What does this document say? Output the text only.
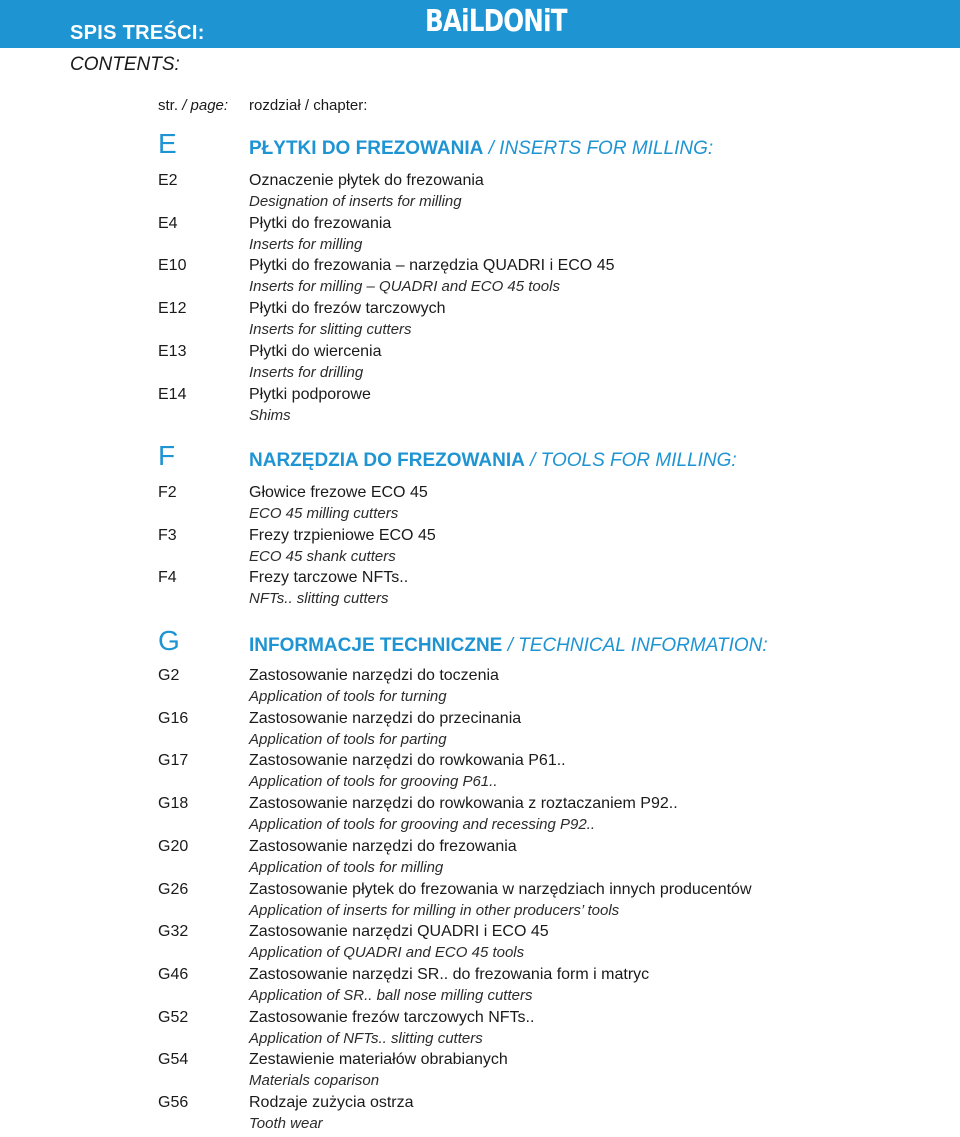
SPIS TREŚCI:	BAiLDONiT
CONTENTS:
str. / page: rozdział / chapter:
E	PŁYTKI DO FREZOWANIA / INSERTS FOR MILLING:
E2	Oznaczenie płytek do frezowania
Designation of inserts for milling
E4	Płytki do frezowania
Inserts for milling
E10	Płytki do frezowania – narzędzia QUADRI i ECO 45
Inserts for milling – QUADRI and ECO 45 tools
E12	Płytki do frezów tarczowych
Inserts for slitting cutters
E13	Płytki do wiercenia
Inserts for drilling
E14	Płytki podporowe
Shims
F	NARZĘDZIA DO FREZOWANIA / TOOLS FOR MILLING:
F2	Głowice frezowe ECO 45
ECO 45 milling cutters
F3	Frezy trzpieniowe ECO 45
ECO 45 shank cutters
F4	Frezy tarczowe NFTs..
NFTs.. slitting cutters
G	INFORMACJE TECHNICZNE / TECHNICAL INFORMATION:
G2	Zastosowanie narzędzi do toczenia
Application of tools for turning
G16	Zastosowanie narzędzi do przecinania
Application of tools for parting
G17	Zastosowanie narzędzi do rowkowania P61..
Application of tools for grooving P61..
G18	Zastosowanie narzędzi do rowkowania z roztaczaniem P92..
Application of tools for grooving and recessing P92..
G20	Zastosowanie narzędzi do frezowania
Application of tools for milling
G26	Zastosowanie płytek do frezowania w narzędziach innych producentów
Application of inserts for milling in other producers’ tools
G32	Zastosowanie narzędzi QUADRI i ECO 45
Application of QUADRI and ECO 45 tools
G46	Zastosowanie narzędzi SR.. do frezowania form i matryc
Application of SR.. ball nose milling cutters
G52	Zastosowanie frezów tarczowych NFTs..
Application of NFTs.. slitting cutters
G54	Zestawienie materiałów obrabianych
Materials coparison
G56	Rodzaje zużycia ostrza
Tooth wear
